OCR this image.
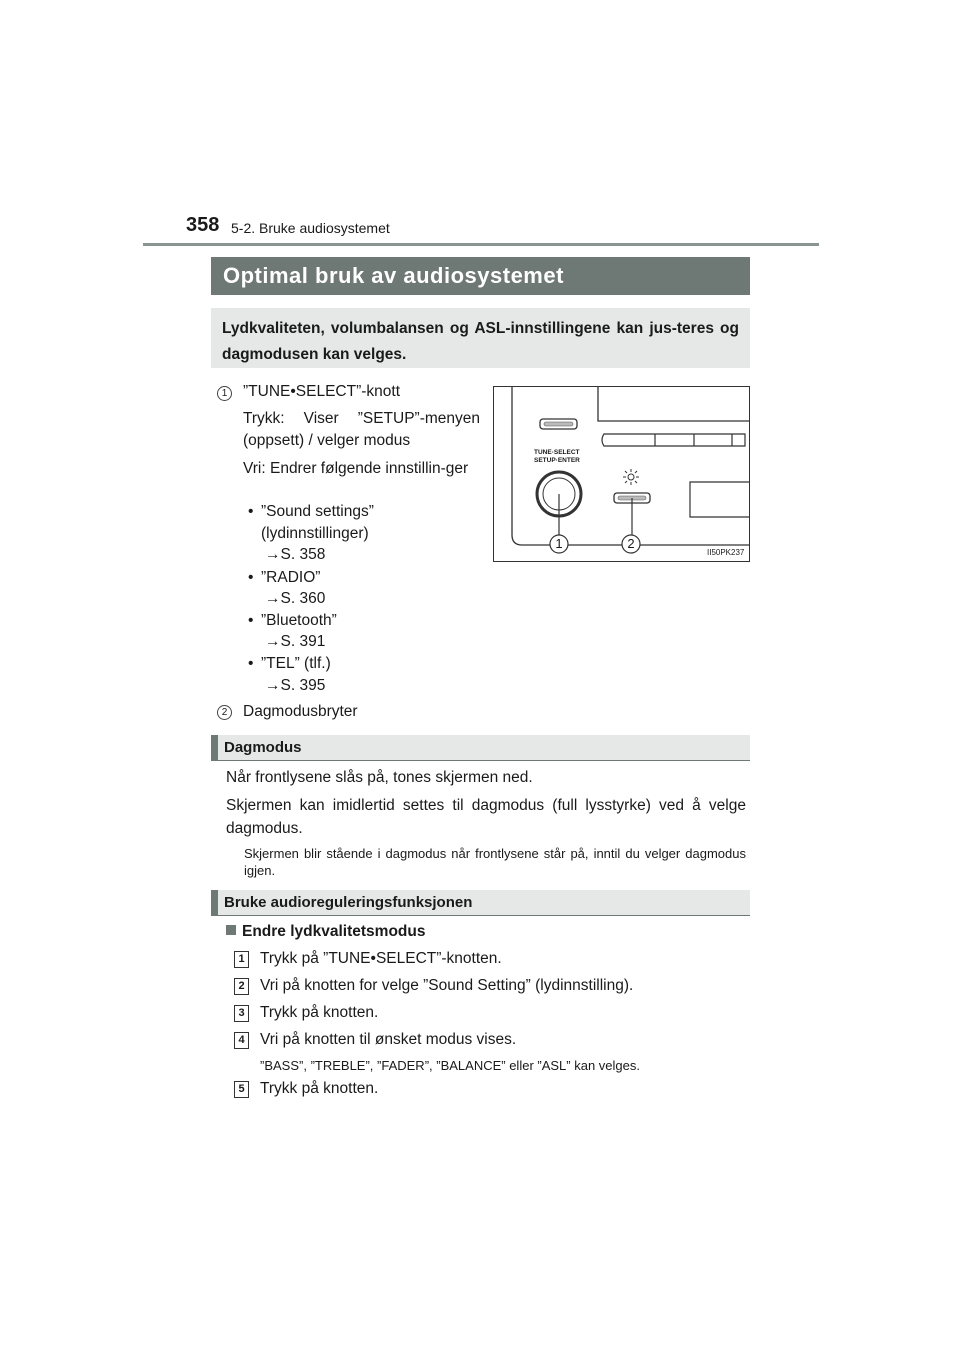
358 5-2. Bruke audiosystemet
Optimal bruk av audiosystemet
Lydkvaliteten, volumbalansen og ASL-innstillingene kan jus-teres og dagmodusen kan velges.
1	”TUNE•SELECT”-knott
Trykk: Viser ”SETUP”-menyen (oppsett) / velger modus
Vri: Endrer følgende innstillin-ger
• ”Sound settings” (lydinnstillinger)
→S. 358
• ”RADIO”
→S. 360
• ”Bluetooth”
→S. 391
• ”TEL” (tlf.)
→S. 395
2	Dagmodusbryter
TUNE·SELECT
SETUP·ENTER
1	2
II50PK237
Dagmodus
Når frontlysene slås på, tones skjermen ned.
Skjermen kan imidlertid settes til dagmodus (full lysstyrke) ved å velge dagmodus.
Skjermen blir stående i dagmodus når frontlysene står på, inntil du velger dagmodus igjen.
Bruke audioreguleringsfunksjonen
Endre lydkvalitetsmodus
1 Trykk på ”TUNE•SELECT”-knotten.
2 Vri på knotten for velge ”Sound Setting” (lydinnstilling).
3 Trykk på knotten.
4 Vri på knotten til ønsket modus vises.
”BASS”, ”TREBLE”, ”FADER”, ”BALANCE” eller ”ASL” kan velges.
5 Trykk på knotten.
